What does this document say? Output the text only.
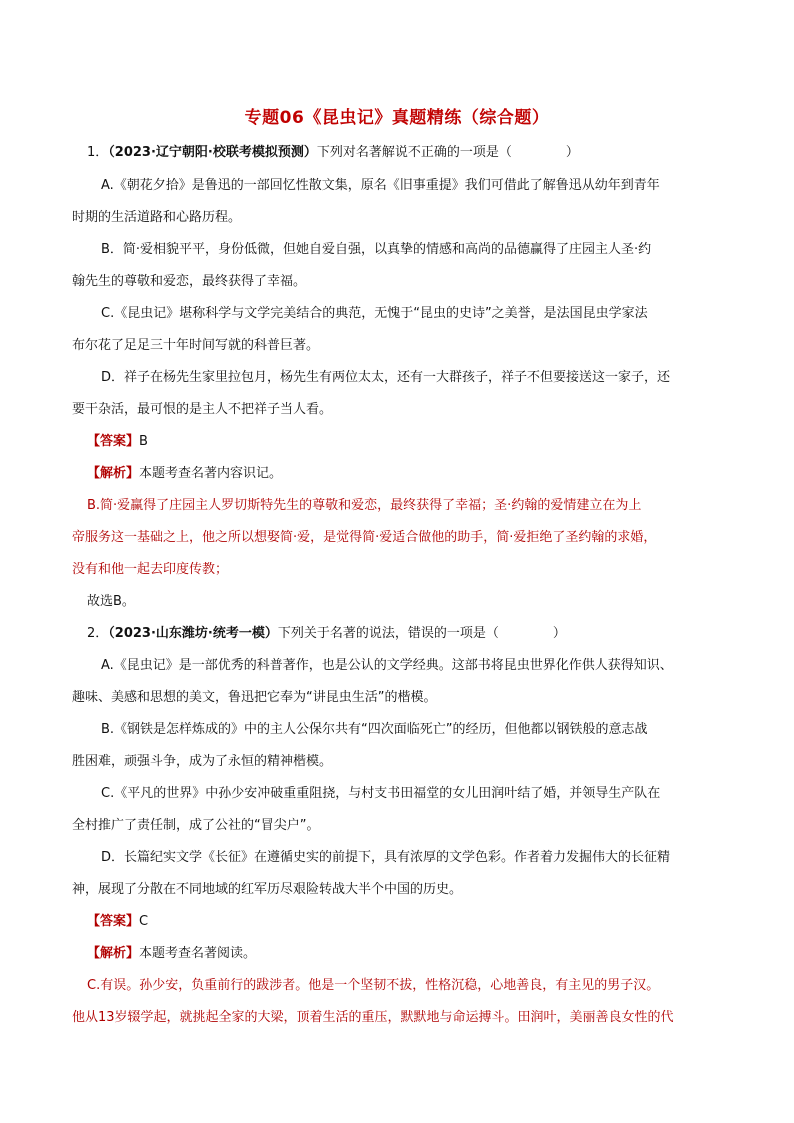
专题06《昆虫记》真题精练（综合题）
1．（2023·辽宁朝阳·校联考模拟预测）下列对名著解说不正确的一项是（	）
A.《朝花夕拾》是鲁迅的一部回忆性散文集，原名《旧事重提》我们可借此了解鲁迅从幼年到青年
时期的生活道路和心路历程。
B．简·爱相貌平平，身份低微，但她自爱自强，以真挚的情感和高尚的品德赢得了庄园主人圣·约
翰先生的尊敬和爱恋，最终获得了幸福。
C.《昆虫记》堪称科学与文学完美结合的典范，无愧于“昆虫的史诗”之美誉，是法国昆虫学家法
布尔花了足足三十年时间写就的科普巨著。
D．祥子在杨先生家里拉包月，杨先生有两位太太，还有一大群孩子，祥子不但要接送这一家子，还
要干杂活，最可恨的是主人不把祥子当人看。
【答案】B
【解析】本题考查名著内容识记。
B.简·爱赢得了庄园主人罗切斯特先生的尊敬和爱恋，最终获得了幸福；圣·约翰的爱情建立在为上
帝服务这一基础之上，他之所以想娶简·爱，是觉得简·爱适合做他的助手，简·爱拒绝了圣约翰的求婚，
没有和他一起去印度传教；
故选B。
2．（2023·山东潍坊·统考一模）下列关于名著的说法，错误的一项是（	）
A.《昆虫记》是一部优秀的科普著作，也是公认的文学经典。这部书将昆虫世界化作供人获得知识、
趣味、美感和思想的美文，鲁迅把它奉为“讲昆虫生活”的楷模。
B.《钢铁是怎样炼成的》中的主人公保尔共有“四次面临死亡”的经历，但他都以钢铁般的意志战
胜困难，顽强斗争，成为了永恒的精神楷模。
C.《平凡的世界》中孙少安冲破重重阻挠，与村支书田福堂的女儿田润叶结了婚，并领导生产队在
全村推广了责任制，成了公社的“冒尖户”。
D．长篇纪实文学《长征》在遵循史实的前提下，具有浓厚的文学色彩。作者着力发掘伟大的长征精
神，展现了分散在不同地域的红军历尽艰险转战大半个中国的历史。
【答案】C
【解析】本题考查名著阅读。
C.有误。孙少安，负重前行的跋涉者。他是一个坚韧不拔，性格沉稳，心地善良，有主见的男子汉。
他从13岁辍学起，就挑起全家的大梁，顶着生活的重压，默默地与命运搏斗。田润叶，美丽善良女性的代
